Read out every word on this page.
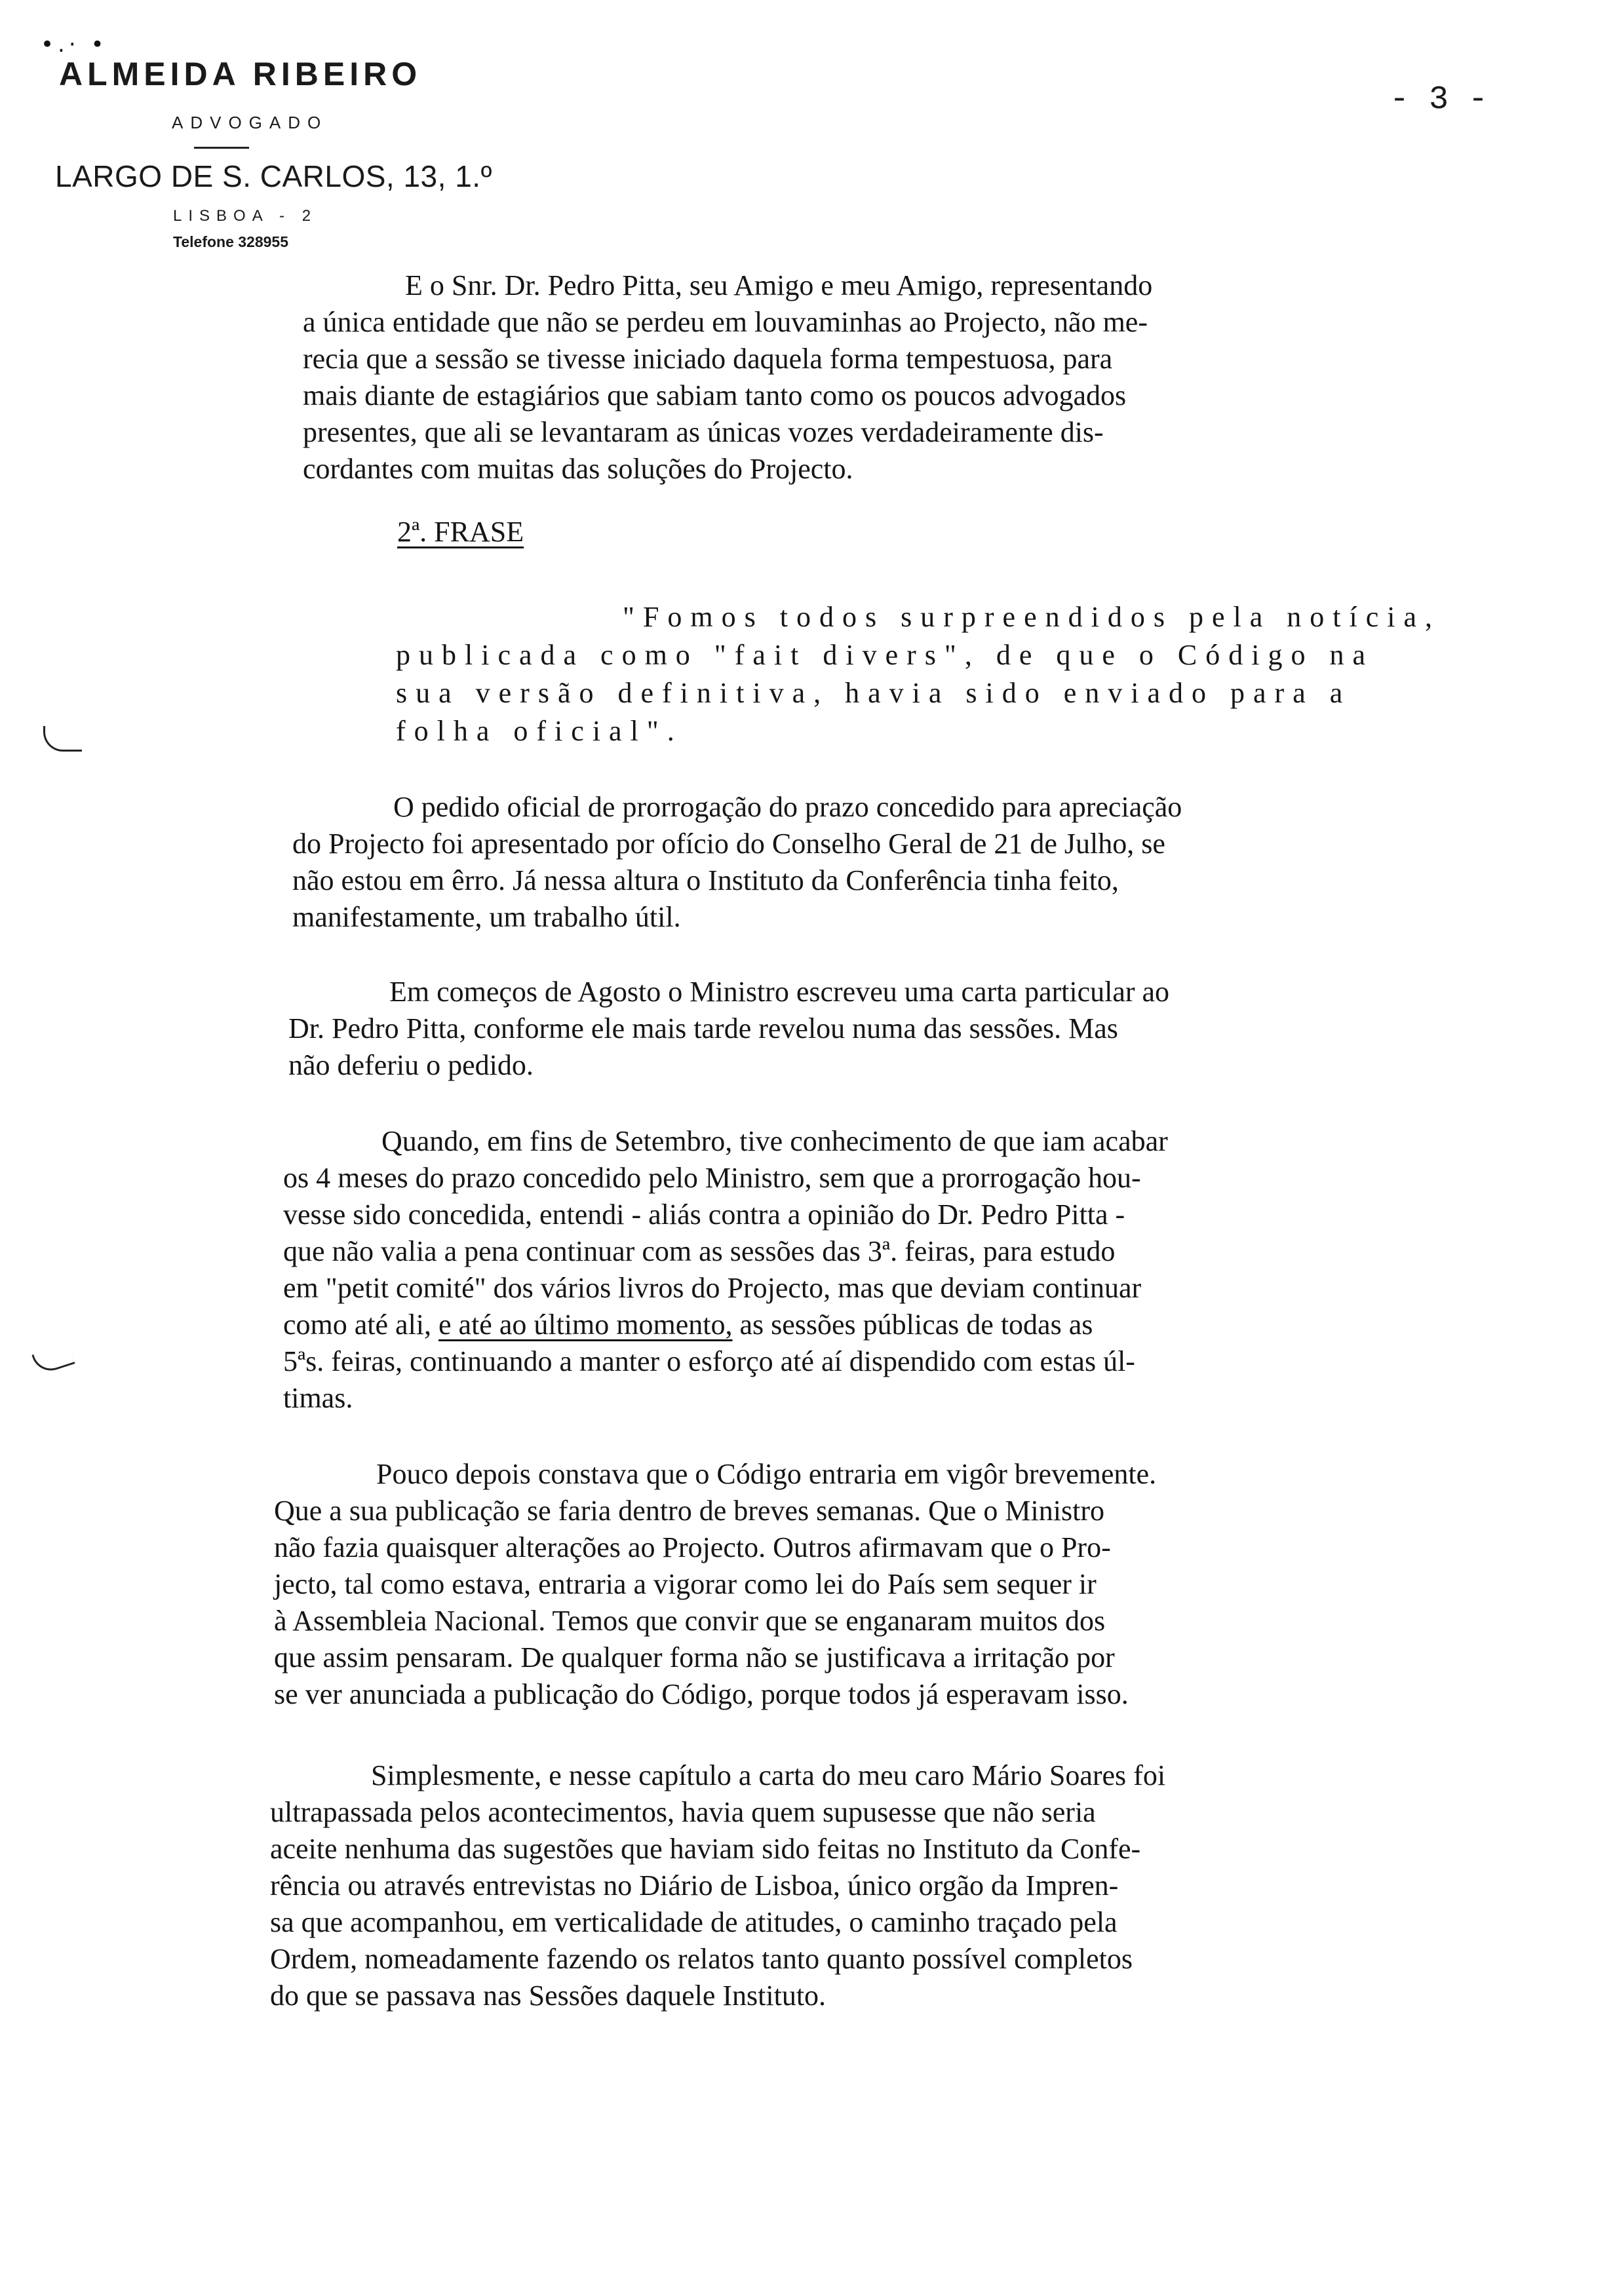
•.· •
ALMEIDA RIBEIRO
ADVOGADO
LARGO DE S. CARLOS, 13, 1.º
LISBOA - 2
Telefone 328955
- 3 -
E o Snr. Dr. Pedro Pitta, seu Amigo e meu Amigo, representando
a única entidade que não se perdeu em louvaminhas ao Projecto, não me-
recia que a sessão se tivesse iniciado daquela forma tempestuosa, para
mais diante de estagiários que sabiam tanto como os poucos advogados
presentes, que ali se levantaram as únicas vozes verdadeiramente dis-
cordantes com muitas das soluções do Projecto.
2ª. FRASE
"Fomos todos surpreendidos pela notícia,
publicada como "fait divers", de que o Código na
sua versão definitiva, havia sido enviado para a
folha oficial".
O pedido oficial de prorrogação do prazo concedido para apreciação
do Projecto foi apresentado por ofício do Conselho Geral de 21 de Julho, se
não estou em êrro. Já nessa altura o Instituto da Conferência tinha feito,
manifestamente, um trabalho útil.
Em começos de Agosto o Ministro escreveu uma carta particular ao
Dr. Pedro Pitta, conforme ele mais tarde revelou numa das sessões. Mas
não deferiu o pedido.
Quando, em fins de Setembro, tive conhecimento de que iam acabar
os 4 meses do prazo concedido pelo Ministro, sem que a prorrogação hou-
vesse sido concedida, entendi - aliás contra a opinião do Dr. Pedro Pitta -
que não valia a pena continuar com as sessões das 3ª. feiras, para estudo
em "petit comité" dos vários livros do Projecto, mas que deviam continuar
como até ali, e até ao último momento, as sessões públicas de todas as
5ªs. feiras, continuando a manter o esforço até aí dispendido com estas úl-
timas.
Pouco depois constava que o Código entraria em vigôr brevemente.
Que a sua publicação se faria dentro de breves semanas. Que o Ministro
não fazia quaisquer alterações ao Projecto. Outros afirmavam que o Pro-
jecto, tal como estava, entraria a vigorar como lei do País sem sequer ir
à Assembleia Nacional. Temos que convir que se enganaram muitos dos
que assim pensaram. De qualquer forma não se justificava a irritação por
se ver anunciada a publicação do Código, porque todos já esperavam isso.
Simplesmente, e nesse capítulo a carta do meu caro Mário Soares foi
ultrapassada pelos acontecimentos, havia quem supusesse que não seria
aceite nenhuma das sugestões que haviam sido feitas no Instituto da Confe-
rência ou através entrevistas no Diário de Lisboa, único orgão da Impren-
sa que acompanhou, em verticalidade de atitudes, o caminho traçado pela
Ordem, nomeadamente fazendo os relatos tanto quanto possível completos
do que se passava nas Sessões daquele Instituto.
